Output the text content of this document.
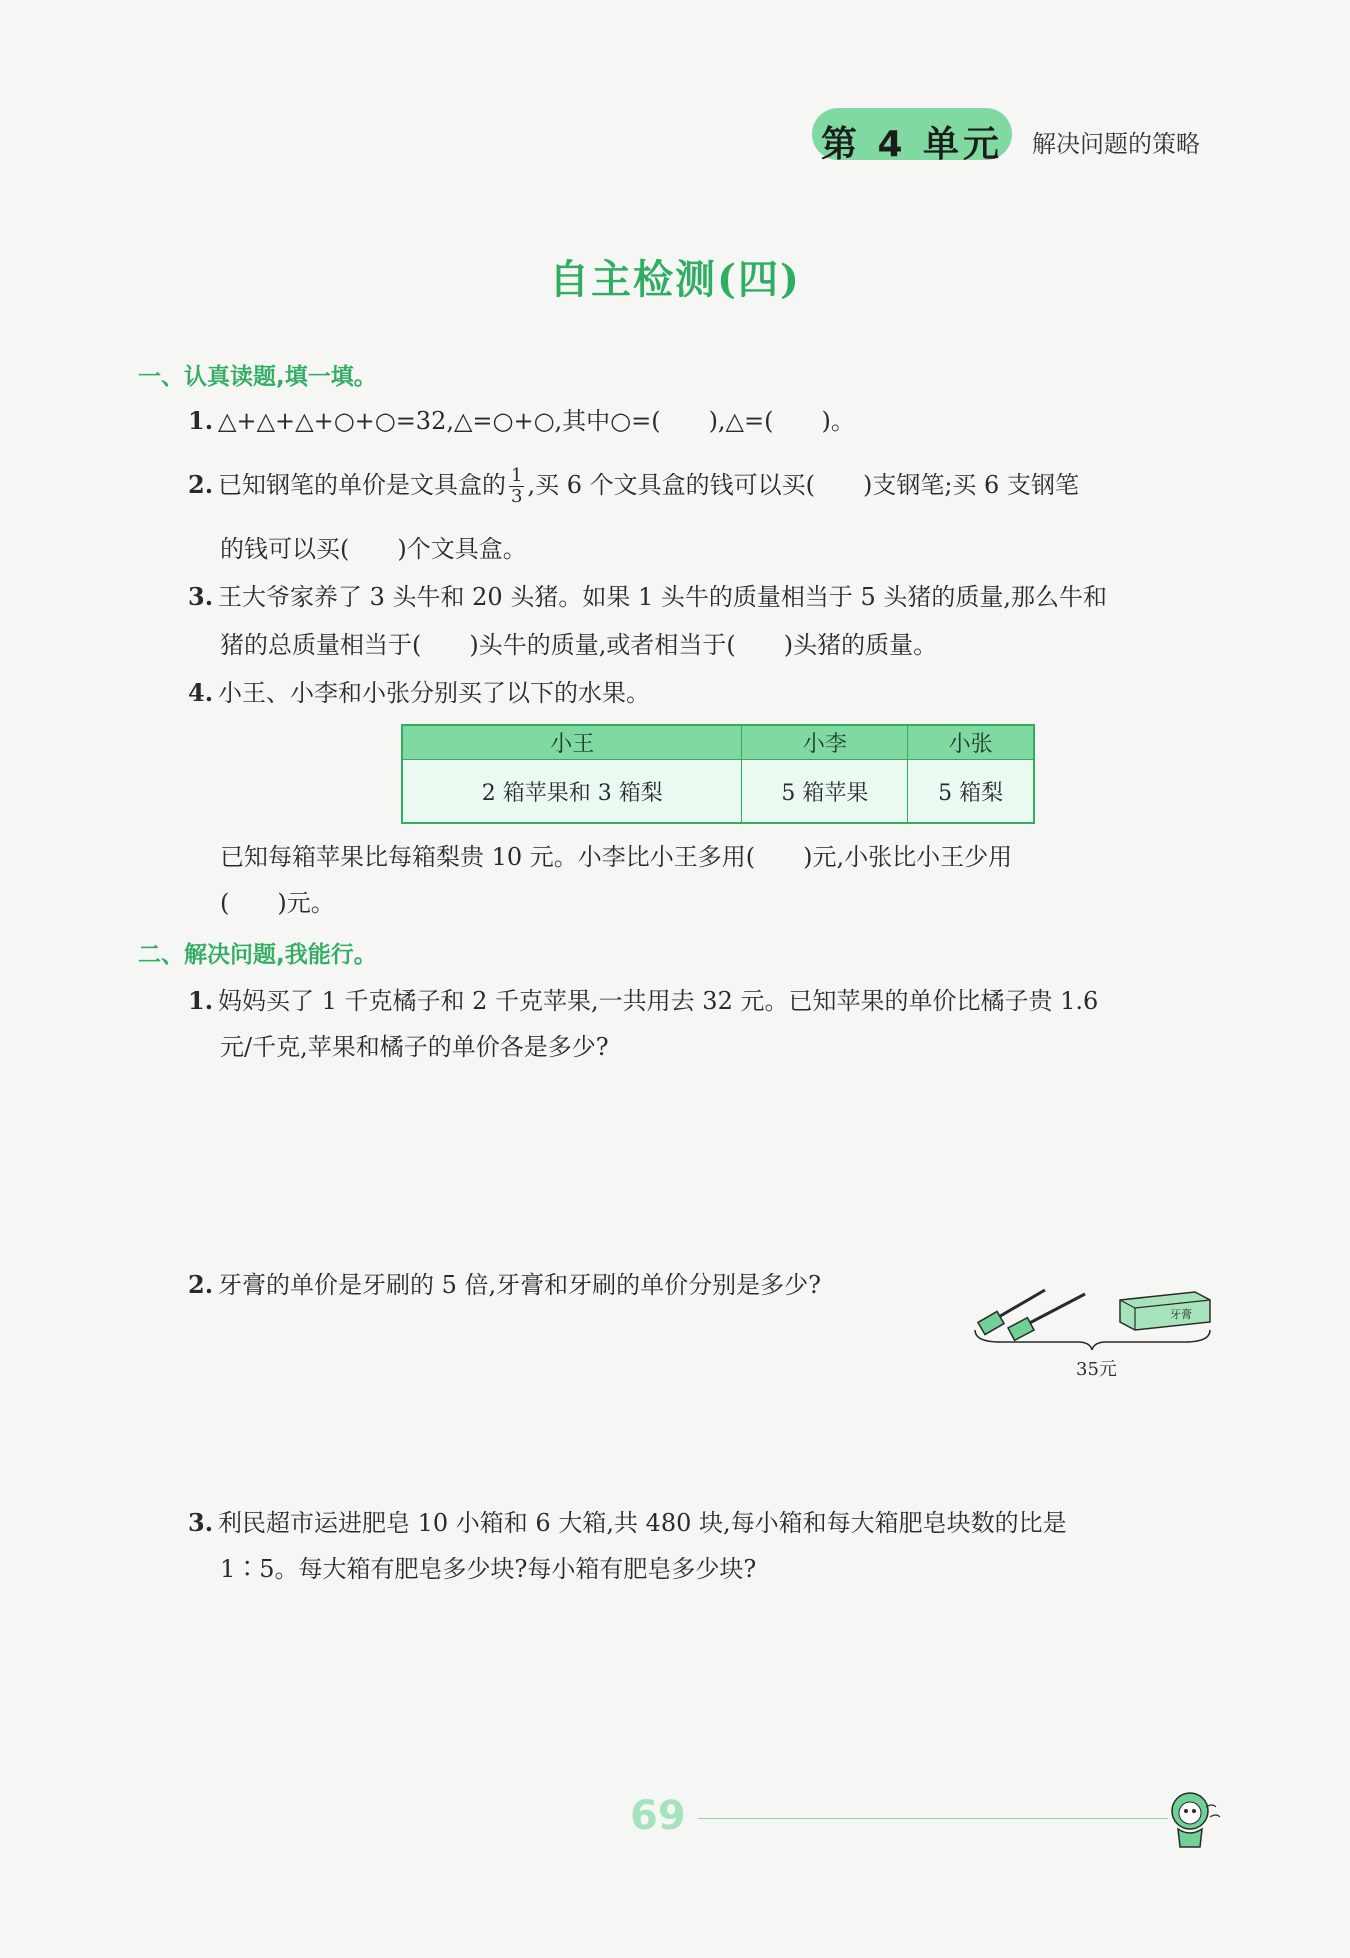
第 4 单元	解决问题的策略
自主检测(四)
一、认真读题,填一填。
1. △+△+△+○+○=32,△=○+○,其中○=(　　),△=(　　)。
2. 已知钢笔的单价是文具盒的 $\frac{1}{3}$ ,买 6 个文具盒的钱可以买(　　)支钢笔;买 6 支钢笔
的钱可以买(　　)个文具盒。
3. 王大爷家养了 3 头牛和 20 头猪。如果 1 头牛的质量相当于 5 头猪的质量,那么牛和
猪的总质量相当于(　　)头牛的质量,或者相当于(　　)头猪的质量。
4. 小王、小李和小张分别买了以下的水果。
小王	小李	小张
2 箱苹果和 3 箱梨	5 箱苹果	5 箱梨
已知每箱苹果比每箱梨贵 10 元。小李比小王多用(　　)元,小张比小王少用
(　　)元。
二、解决问题,我能行。
1. 妈妈买了 1 千克橘子和 2 千克苹果,一共用去 32 元。已知苹果的单价比橘子贵 1.6
元/千克,苹果和橘子的单价各是多少?
2. 牙膏的单价是牙刷的 5 倍,牙膏和牙刷的单价分别是多少?
牙膏
35元
3. 利民超市运进肥皂 10 小箱和 6 大箱,共 480 块,每小箱和每大箱肥皂块数的比是
1∶5。每大箱有肥皂多少块?每小箱有肥皂多少块?
69
